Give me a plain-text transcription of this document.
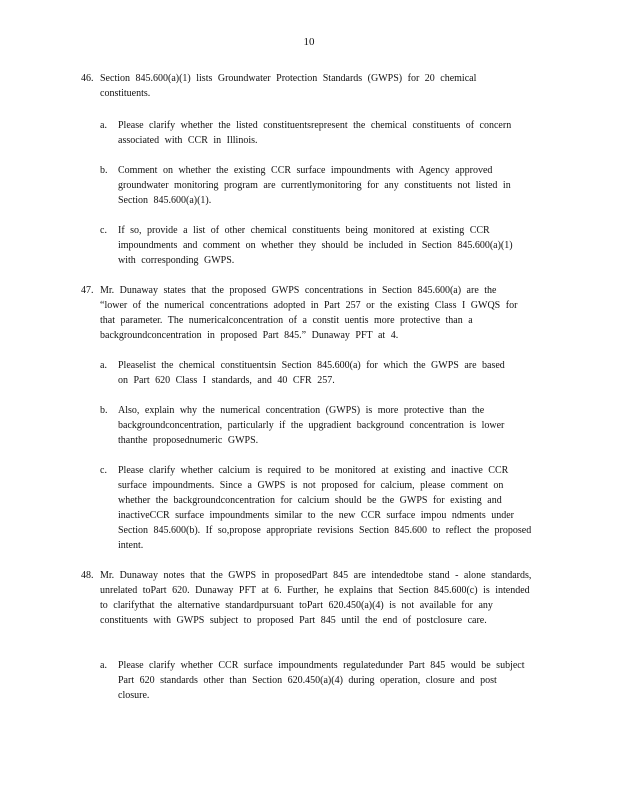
10
46. Section 845.600(a)(1) lists Groundwater Protection Standards (GWPS) for 20 chemical constituents.

a. Please clarify whether the listed constituentsrepresent the chemical constituents of concern associated with CCR in Illinois.

b. Comment on whether the existing CCR surface impoundments with Agency approved groundwater monitoring program are currentlymonitoring for any constituents not listed in Section 845.600(a)(1).

c. If so, provide a list of other chemical constituents being monitored at existing CCR impoundments and comment on whether they should be included in Section 845.600(a)(1) with corresponding GWPS.

47. Mr. Dunaway states that the proposed GWPS concentrations in Section 845.600(a) are the “lower of the numerical concentrations adopted in Part 257 or the existing Class I GWQS for that parameter. The numericalconcentration of a constit uentis more protective than a backgroundconcentration in proposed Part 845.” Dunaway PFT at 4.

a. Pleaselist the chemical constituentsin Section 845.600(a) for which the GWPS are based on Part 620 Class I standards, and 40 CFR 257.

b. Also, explain why the numerical concentration (GWPS) is more protective than the backgroundconcentration, particularly if the upgradient background concentration is lower thanthe proposednumeric GWPS.

c. Please clarify whether calcium is required to be monitored at existing and inactive CCR surface impoundments. Since a GWPS is not proposed for calcium, please comment on whether the backgroundconcentration for calcium should be the GWPS for existing and inactiveCCR surface impoundments similar to the new CCR surface impou ndments under Section 845.600(b). If so,propose appropriate revisions Section 845.600 to reflect the proposed intent.

48. Mr. Dunaway notes that the GWPS in proposedPart 845 are intendedtobe stand - alone standards, unrelated toPart 620. Dunaway PFT at 6. Further, he explains that Section 845.600(c) is intended to clarifythat the alternative standardpursuant toPart 620.450(a)(4) is not available for any constituents with GWPS subject to proposed Part 845 until the end of postclosure care.

a. Please clarify whether CCR surface impoundments regulatedunder Part 845 would be subject Part 620 standards other than Section 620.450(a)(4) during operation, closure and post closure.
